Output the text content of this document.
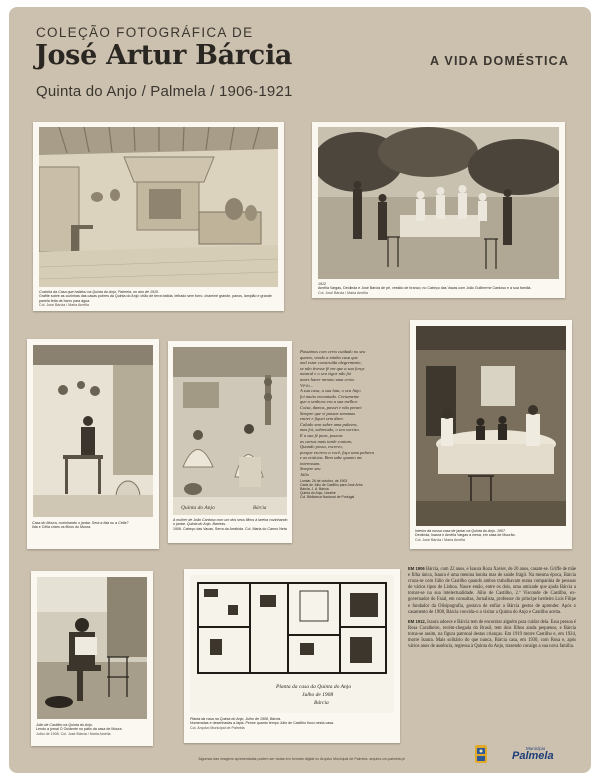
COLEÇÃO FOTOGRÁFICA DE
José Artur Bárcia
Quinta do Anjo / Palmela / 1906-1921
A VIDA DOMÉSTICA
Cozinha da Casa que habitou na Quinta do Anjo, Palmela, no ano de 1910.
Grafite sobre as cozinhas das casas pobres da Quinta do Anjo: chão de terra batida, telhado sem forro, chaminé grande, panos, lampião e grande panela feita de barro para água.
Col. José Bárcia / Maria Amélia
1912
Amélia Vargas, Deolinda e José Bárcia de pé, vestido de branco; no Cabeço das Vacas com João Guilherme Cardoso e a sua família.
Col. José Bárcia / Maria Amélia
Casa do Moura, cozinhando o jantar. Será a Ilda ou a Célia?
Ilda e Célia criam os filhos do Moura.
Quinta do Anjo	Bárcia
A mulher de João Cardoso com um dos seus filhos à lareira cozinhando o jantar. Quinta do Anjo. Barreas.
1906. Cabeço das Vacas. Serra da Arrábida. Col. Maria do Carmo Neta
Passámos com certo cuidado no seu
quarto, vendo a minha casa que
mal estar construída alegremente,
se não tivesse fé em que a sua força
natural e o seu vigor não foi
antes haver mesmo uma certa.
Vê-lo...
A sua casa, a sua luta, o seu Anjo
foi muito encantado. Certamente
que a senhora era a sua melhor.
Coisa, damos, passei e não pensei
Sempre que vi passar semanas
entrei e fiquei sem dizer.
Calado sem saber uma palavra,
mas foi, sobretudo, o seu sorriso.
E a sua fé pura, poucas
as cartas mais tarde contam,
Quando posso, escrevo,
porque escrevo a você, faço uma palavra
e as notícias. Bem sabe quanto me
interessam.
Sempre seu
Júlio
Lumiar, 26 de outubro, de 1903
Carta de Júlio de Castilho para José Artur
Bárcia, J. A. Bárcia
Quinta do Anjo, Ucraine
Col. Biblioteca Nacional de Portugal
Interior da nossa casa de jantar na Quinta do Anjo. 1907.
Deolinda, Isaura e Amélia Vargas à mesa, em casa de Mourão.
Col. José Bárcia / Maria Amélia
Júlio de Castilho na Quinta do Anjo.
Lendo a jornal O Ocidente no pátio da casa de Moura.
Julho de 1908. Col. José Bárcia / Maria Amélia
Planta da casa da Quinta do Anjo
Julho de 1908
Bárcia
Planta da casa na Quinta do Anjo, Julho de 1908, Bárcia.
Numeradas e desenhadas a lápis. Pense quanto tempo Júlio de Castilho ficou nesta casa.
Col. Arquivo Municipal de Palmela

EM 1906 Bárcia, com 22 anos, e Isaura Roza Xavier, de 20 anos, casam-se. Griffe de mãe e filha única, Isaura é uma menina bonita mas de saúde frágil. Na mesma época, Bárcia cruza-se com Júlio de Castilho quando ambos trabalhavam numa companhia de pessoas de vários tipos de Lisboa. Nasce então, entre os dois, uma amizade que ajuda Bárcia a tornar-se na sua intelectualidade. Júlio de Castilho, 2.º Visconde de Castilho, ex-governador do Faial, em consultas, Jornalista, professor do príncipe herdeiro Luís Filipe e fundador da Olisipografia, gostava de enfiar a Bárcia gestos de aprender. Após o casamento de 1908, Bárcia convida-o a visitar a Quinta do Anjo e Castilho aceita.

EM 1912, Isaura adoece e Bárcia tem de encontrar alguém para cuidar dela. Essa pessoa é Rosa Coralheiro, recém-chegada do Brasil, tem dois filhos ainda pequenos, e Bárcia torna-se assim, na figura patronal destas crianças. Em 1919 morre Castilho e, em 1924, morre Isaura. Mais solitário do que nunca, Bárcia casa, em 1930, com Rosa e, após vários anos de ausência, regressa à Quinta do Anjo, trazendo consigo a sua nova família.

Algumas das imagens apresentadas podem ser vistas em formato digital no Arquivo Municipal de Palmela. arquivo.cm-palmela.pt
Município
Palmela
